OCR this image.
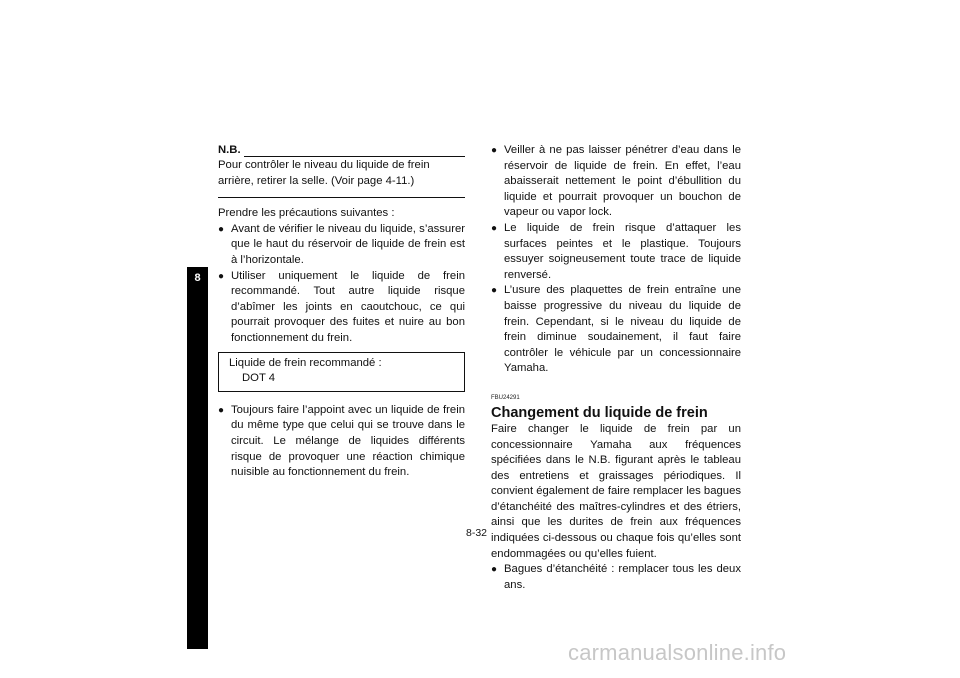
8
N.B.

Pour contrôler le niveau du liquide de frein arrière, retirer la selle. (Voir page 4-11.)

Prendre les précautions suivantes :

● Avant de vérifier le niveau du liquide, s’assurer que le haut du réservoir de liquide de frein est à l’horizontale.
● Utiliser uniquement le liquide de frein recommandé. Tout autre liquide risque d’abîmer les joints en caoutchouc, ce qui pourrait provoquer des fuites et nuire au bon fonctionnement du frein.
Liquide de frein recommandé :
DOT 4
● Toujours faire l’appoint avec un liquide de frein du même type que celui qui se trouve dans le circuit. Le mélange de liquides différents risque de provoquer une réaction chimique nuisible au fonctionnement du frein.
● Veiller à ne pas laisser pénétrer d’eau dans le réservoir de liquide de frein. En effet, l’eau abaisserait nettement le point d’ébullition du liquide et pourrait provoquer un bouchon de vapeur ou vapor lock.
● Le liquide de frein risque d’attaquer les surfaces peintes et le plastique. Toujours essuyer soigneusement toute trace de liquide renversé.
● L’usure des plaquettes de frein entraîne une baisse progressive du niveau du liquide de frein. Cependant, si le niveau du liquide de frein diminue soudainement, il faut faire contrôler le véhicule par un concessionnaire Yamaha.
FBU24291
Changement du liquide de frein

Faire changer le liquide de frein par un concessionnaire Yamaha aux fréquences spécifiées dans le N.B. figurant après le tableau des entretiens et graissages périodiques. Il convient également de faire remplacer les bagues d’étanchéité des maîtres-cylindres et des étriers, ainsi que les durites de frein aux fréquences indiquées ci-dessous ou chaque fois qu’elles sont endommagées ou qu’elles fuient.

● Bagues d’étanchéité : remplacer tous les deux ans.
8-32
carmanualsonline.info
